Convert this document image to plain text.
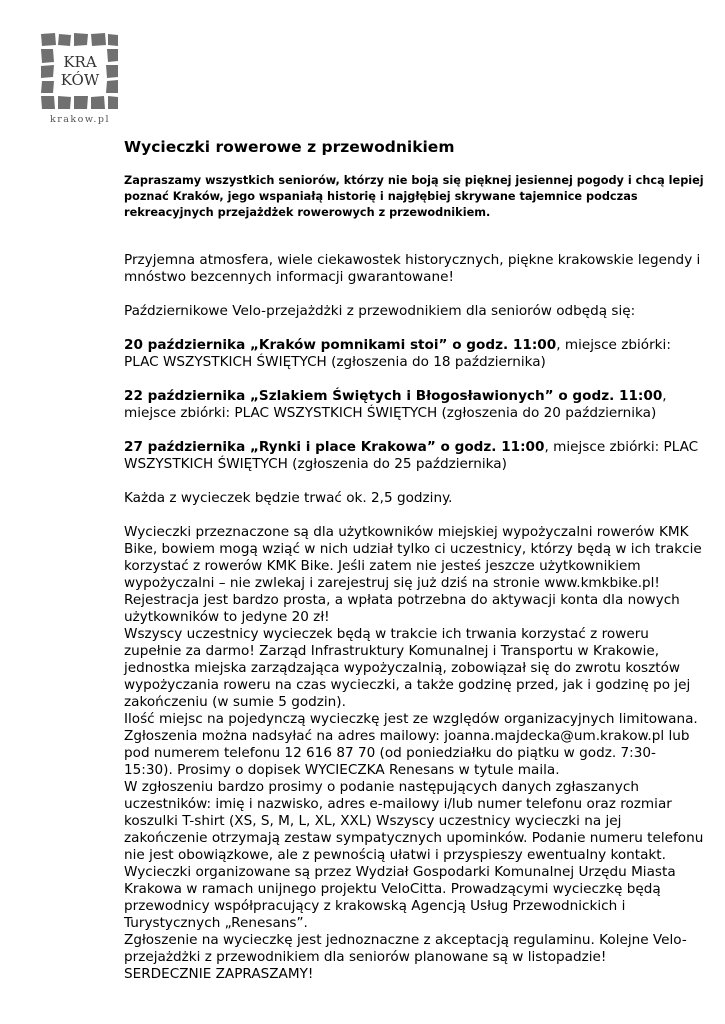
KRA
KÓW
krakow.pl
Wycieczki rowerowe z przewodnikiem
Zapraszamy wszystkich seniorów, którzy nie boją się pięknej jesiennej pogody i chcą lepiej poznać Kraków, jego wspaniałą historię i najgłębiej skrywane tajemnice podczas rekreacyjnych przejażdżek rowerowych z przewodnikiem.
Przyjemna atmosfera, wiele ciekawostek historycznych, piękne krakowskie legendy i mnóstwo bezcennych informacji gwarantowane!
Październikowe Velo-przejażdżki z przewodnikiem dla seniorów odbędą się:
20 października „Kraków pomnikami stoi” o godz. 11:00, miejsce zbiórki: PLAC WSZYSTKICH ŚWIĘTYCH (zgłoszenia do 18 października)
22 października „Szlakiem Świętych i Błogosławionych” o godz. 11:00, miejsce zbiórki: PLAC WSZYSTKICH ŚWIĘTYCH (zgłoszenia do 20 października)
27 października „Rynki i place Krakowa” o godz. 11:00, miejsce zbiórki: PLAC WSZYSTKICH ŚWIĘTYCH (zgłoszenia do 25 października)
Każda z wycieczek będzie trwać ok. 2,5 godziny.
Wycieczki przeznaczone są dla użytkowników miejskiej wypożyczalni rowerów KMK Bike, bowiem mogą wziąć w nich udział tylko ci uczestnicy, którzy będą w ich trakcie korzystać z rowerów KMK Bike. Jeśli zatem nie jesteś jeszcze użytkownikiem wypożyczalni – nie zwlekaj i zarejestruj się już dziś na stronie www.kmkbike.pl! Rejestracja jest bardzo prosta, a wpłata potrzebna do aktywacji konta dla nowych użytkowników to jedyne 20 zł!
Wszyscy uczestnicy wycieczek będą w trakcie ich trwania korzystać z roweru zupełnie za darmo! Zarząd Infrastruktury Komunalnej i Transportu w Krakowie, jednostka miejska zarządzająca wypożyczalnią, zobowiązał się do zwrotu kosztów wypożyczania roweru na czas wycieczki, a także godzinę przed, jak i godzinę po jej zakończeniu (w sumie 5 godzin).
Ilość miejsc na pojedynczą wycieczkę jest ze względów organizacyjnych limitowana. Zgłoszenia można nadsyłać na adres mailowy: joanna.majdecka@um.krakow.pl lub pod numerem telefonu 12 616 87 70 (od poniedziałku do piątku w godz. 7:30-15:30). Prosimy o dopisek WYCIECZKA Renesans w tytule maila.
W zgłoszeniu bardzo prosimy o podanie następujących danych zgłaszanych uczestników: imię i nazwisko, adres e-mailowy i/lub numer telefonu oraz rozmiar koszulki T-shirt (XS, S, M, L, XL, XXL) Wszyscy uczestnicy wycieczki na jej zakończenie otrzymają zestaw sympatycznych upominków. Podanie numeru telefonu nie jest obowiązkowe, ale z pewnością ułatwi i przyspieszy ewentualny kontakt.
Wycieczki organizowane są przez Wydział Gospodarki Komunalnej Urzędu Miasta Krakowa w ramach unijnego projektu VeloCitta. Prowadzącymi wycieczkę będą przewodnicy współpracujący z krakowską Agencją Usług Przewodnickich i Turystycznych „Renesans”.
Zgłoszenie na wycieczkę jest jednoznaczne z akceptacją regulaminu. Kolejne Velo-przejażdżki z przewodnikiem dla seniorów planowane są w listopadzie!
SERDECZNIE ZAPRASZAMY!
